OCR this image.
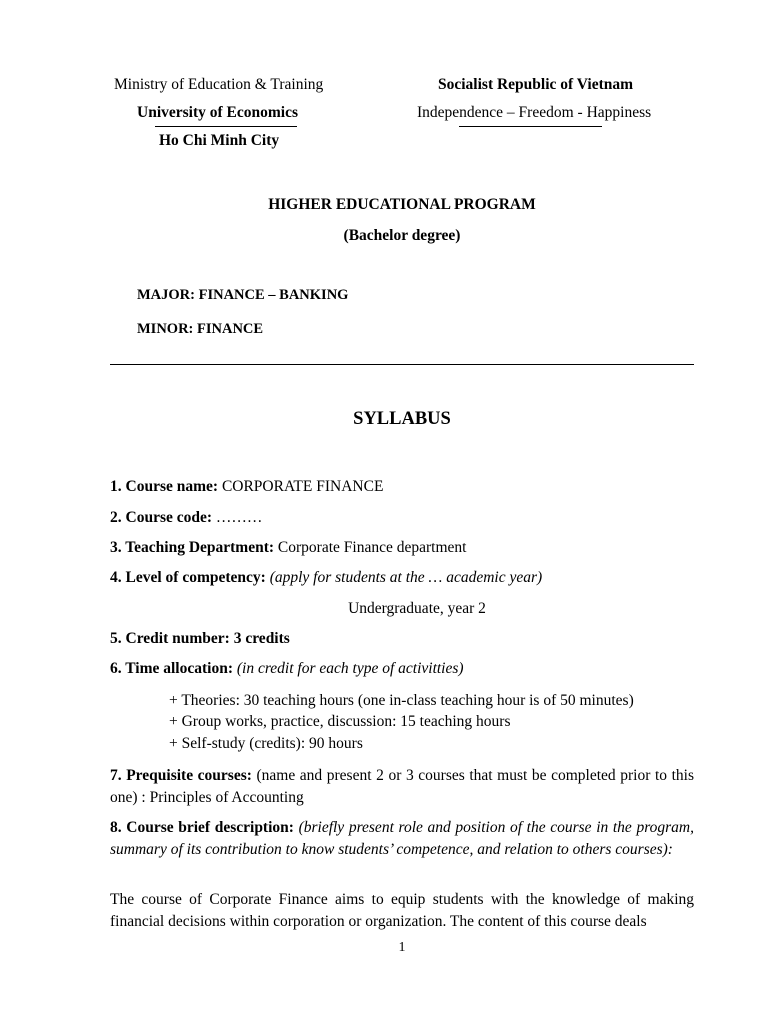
Ministry of Education & Training
University of Economics
Ho Chi Minh City
Socialist Republic of Vietnam
Independence – Freedom - Happiness
HIGHER EDUCATIONAL PROGRAM
(Bachelor degree)
MAJOR: FINANCE – BANKING
MINOR: FINANCE
SYLLABUS
1. Course name: CORPORATE FINANCE
2. Course code: ………
3. Teaching Department: Corporate Finance department
4. Level of competency: (apply for students at the … academic year)
Undergraduate, year 2
5. Credit number: 3 credits
6. Time allocation: (in credit for each type of activitties)
+ Theories: 30 teaching hours (one in-class teaching hour is of 50 minutes)
+ Group works, practice, discussion: 15 teaching hours
+ Self-study (credits): 90 hours
7. Prequisite courses: (name and present 2 or 3 courses that must be completed prior to this one) : Principles of Accounting
8. Course brief description: (briefly present role and position of the course in the program, summary of its contribution to know students’ competence, and relation to others courses):
The course of Corporate Finance aims to equip students with the knowledge of making financial decisions within corporation or organization. The content of this course deals
1
